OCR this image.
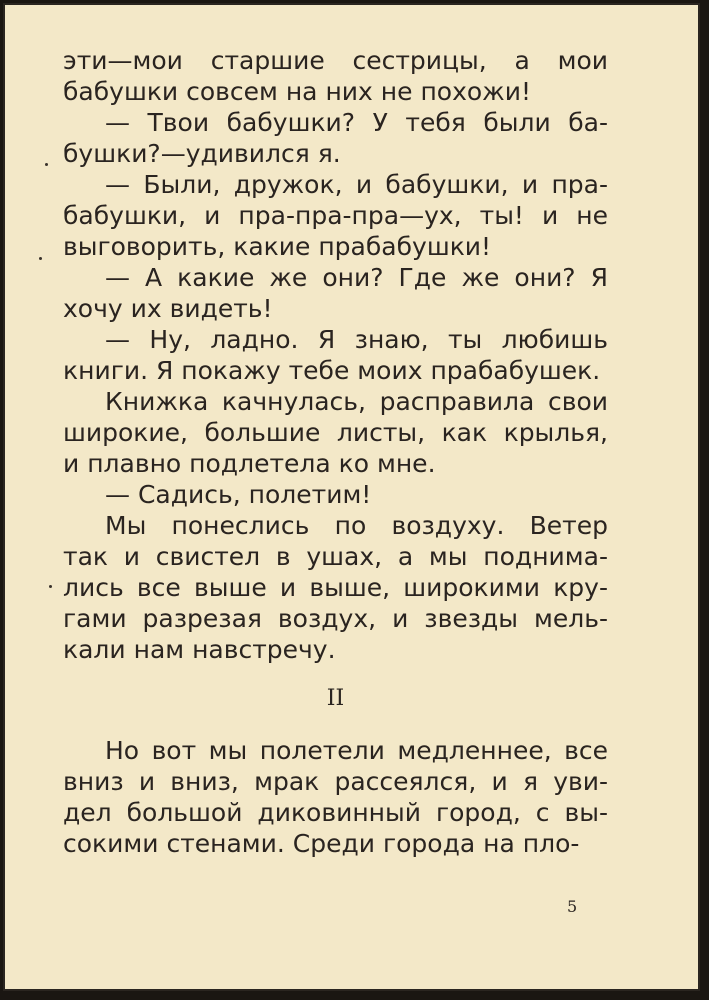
эти—мои старшие сестрицы, а мои
бабушки совсем на них не похожи!
— Твои бабушки? У тебя были ба-
бушки?—удивился я.
— Были, дружок, и бабушки, и пра-
бабушки, и пра-пра-пра—ух, ты! и не
выговорить, какие прабабушки!
— А какие же они? Где же они? Я
хочу их видеть!
— Ну, ладно. Я знаю, ты любишь
книги. Я покажу тебе моих прабабушек.
Книжка качнулась, расправила свои
широкие, большие листы, как крылья,
и плавно подлетела ко мне.
— Садись, полетим!
Мы понеслись по воздуху. Ветер
так и свистел в ушах, а мы поднима-
лись все выше и выше, широкими кру-
гами разрезая воздух, и звезды мель-
кали нам навстречу.
II
Но вот мы полетели медленнее, все
вниз и вниз, мрак рассеялся, и я уви-
дел большой диковинный город, с вы-
сокими стенами. Среди города на пло-
5
